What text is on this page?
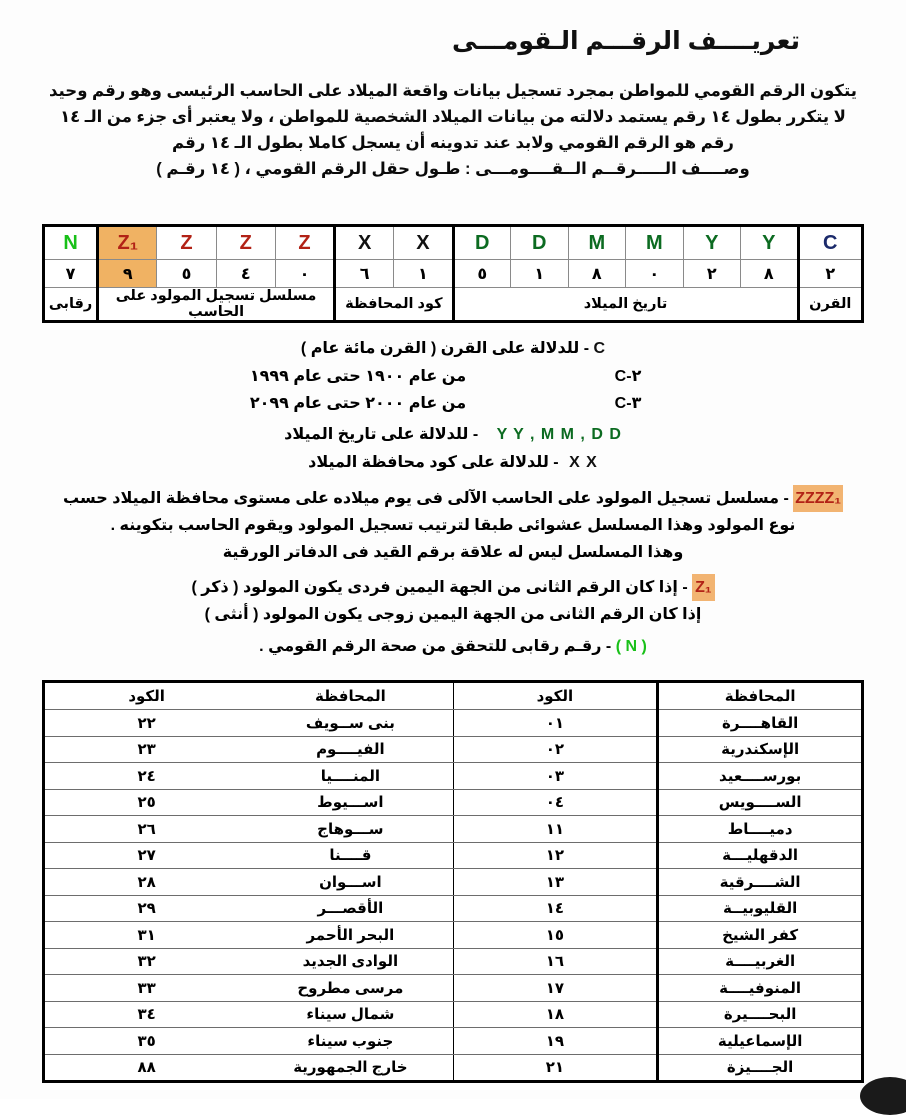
تعريــــف الرقـــم الـقومـــى

يتكون الرقم القومي للمواطن بمجرد تسجيل بيانات واقعة الميلاد على الحاسب الرئيسى وهو رقم وحيد

لا يتكرر بطول ١٤ رقم يستمد دلالته من بيانات الميلاد الشخصية للمواطن ، ولا يعتبر أى جزء من الـ ١٤

رقم هو الرقم القومي ولابد عند تدوينه أن يسجل كاملا بطول الـ ١٤ رقم

وصــــف الـــــرقــم الــقــــومـــى : طـول حقل الرقم القومي ، ( ١٤ رقـم )

C	Y	Y	M	M	D	D	X	X	Z	Z	Z	Z₁	N
٢	٨	٢	٠	٨	١	٥	١	٦	٠	٤	٥	٩	٧
القرن	تاريخ الميلاد						كود المحافظة		مسلسل تسجيل المولود على الحاسب				رقابى
C - للدلالة على القرن ( القرن مائة عام )
من عام ١٩٠٠ حتى عام ١٩٩٩	C-٢
من عام ٢٠٠٠ حتى عام ٢٠٩٩	C-٣
Y Y , M M , D D - للدلالة على تاريخ الميلاد
X X - للدلالة على كود محافظة الميلاد
ZZZZ₁ - مسلسل تسجيل المولود على الحاسب الآلى فى يوم ميلاده على مستوى محافظة الميلاد حسب
نوع المولود وهذا المسلسل عشوائى طبقا لترتيب تسجيل المولود ويقوم الحاسب بتكوينه .
وهذا المسلسل ليس له علاقة برقم القيد فى الدفاتر الورقية
Z₁ - إذا كان الرقم الثانى من الجهة اليمين فردى يكون المولود ( ذكر )
إذا كان الرقم الثانى من الجهة اليمين زوجى يكون المولود ( أنثى )
( N ) - رقـم رقابى للتحقق من صحة الرقم القومي .
المحافظة	الكود	المحافظة	الكود
القاهــــرة	٠١	بنى ســويف	٢٢
الإسكندرية	٠٢	الفيــــوم	٢٣
بورســــعيد	٠٣	المنــــيا	٢٤
الســــويس	٠٤	اســـيوط	٢٥
دميــــاط	١١	ســـوهاج	٢٦
الدقهليـــة	١٢	قــــنا	٢٧
الشــــرقية	١٣	اســـوان	٢٨
القليوبيــة	١٤	الأقصـــر	٢٩
كفر الشيخ	١٥	البحر الأحمر	٣١
الغربيــــة	١٦	الوادى الجديد	٣٢
المنوفيــــة	١٧	مرسى مطروح	٣٣
البحــــيرة	١٨	شمال سيناء	٣٤
الإسماعيلية	١٩	جنوب سيناء	٣٥
الجــــيزة	٢١	خارج الجمهورية	٨٨
